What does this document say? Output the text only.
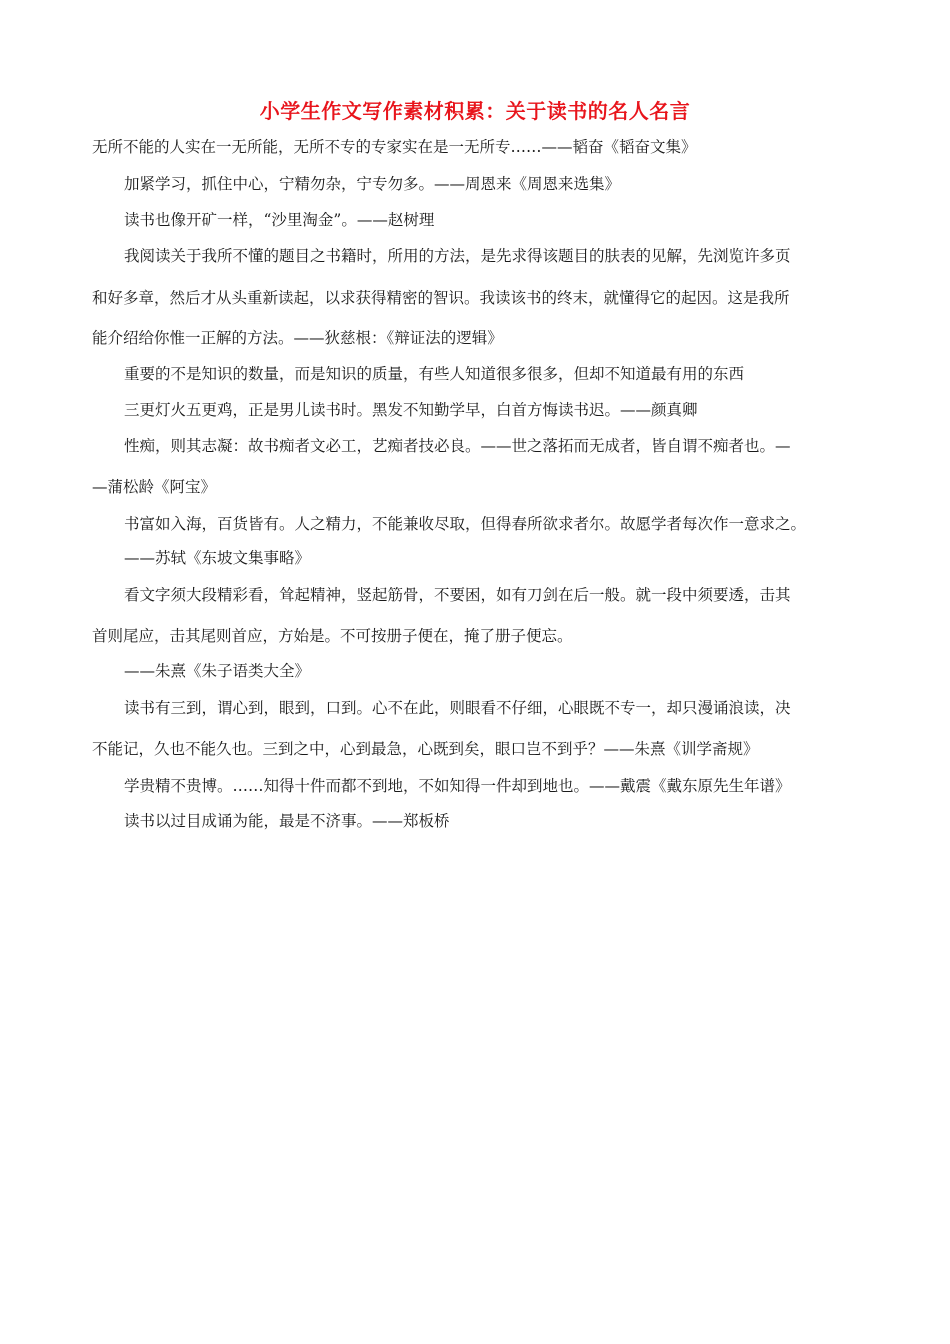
小学生作文写作素材积累：关于读书的名人名言
无所不能的人实在一无所能，无所不专的专家实在是一无所专……——韬奋《韬奋文集》
加紧学习，抓住中心，宁精勿杂，宁专勿多。——周恩来《周恩来选集》
读书也像开矿一样，“沙里淘金”。——赵树理
我阅读关于我所不懂的题目之书籍时，所用的方法，是先求得该题目的肤表的见解，先浏览许多页
和好多章，然后才从头重新读起，以求获得精密的智识。我读该书的终末，就懂得它的起因。这是我所
能介绍给你惟一正解的方法。——狄慈根：《辩证法的逻辑》
重要的不是知识的数量，而是知识的质量，有些人知道很多很多，但却不知道最有用的东西
三更灯火五更鸡，正是男儿读书时。黑发不知勤学早，白首方悔读书迟。——颜真卿
性痴，则其志凝：故书痴者文必工，艺痴者技必良。——世之落拓而无成者，皆自谓不痴者也。—
—蒲松龄《阿宝》
书富如入海，百货皆有。人之精力，不能兼收尽取，但得春所欲求者尔。故愿学者每次作一意求之。
——苏轼《东坡文集事略》
看文字须大段精彩看，耸起精神，竖起筋骨，不要困，如有刀剑在后一般。就一段中须要透，击其
首则尾应，击其尾则首应，方始是。不可按册子便在，掩了册子便忘。
——朱熹《朱子语类大全》
读书有三到，谓心到，眼到，口到。心不在此，则眼看不仔细，心眼既不专一，却只漫诵浪读，决
不能记，久也不能久也。三到之中，心到最急，心既到矣，眼口岂不到乎？——朱熹《训学斋规》
学贵精不贵博。……知得十件而都不到地，不如知得一件却到地也。——戴震《戴东原先生年谱》
读书以过目成诵为能，最是不济事。——郑板桥
